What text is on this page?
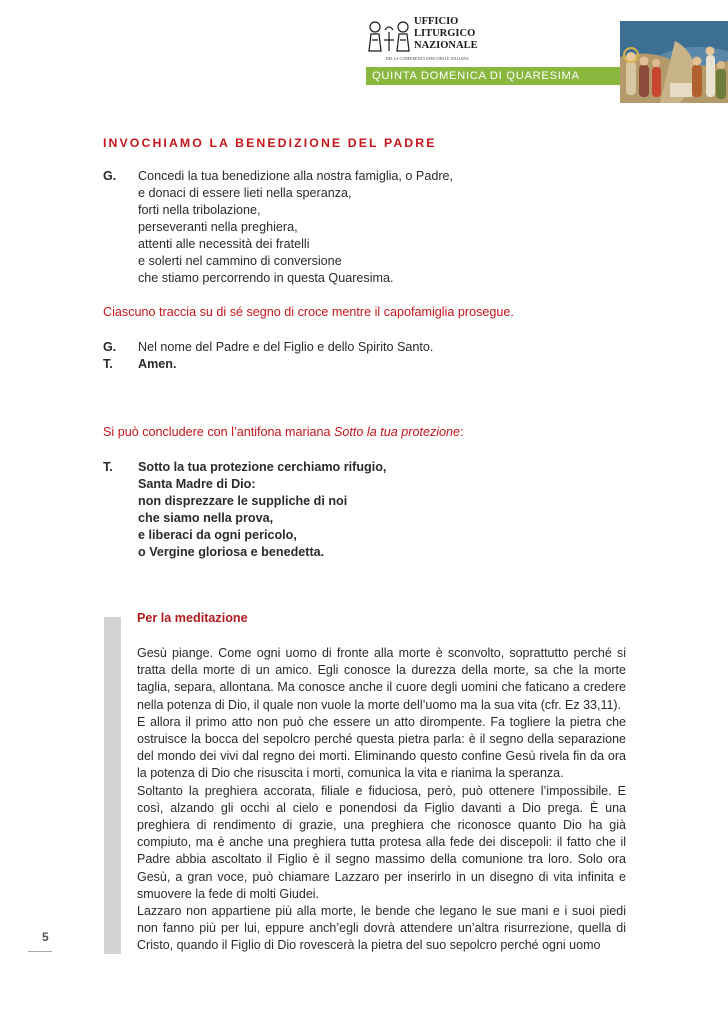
UFFICIO
LITURGICO
NAZIONALE
DELLA CONFERENZA EPISCOPALE ITALIANA
QUINTA DOMENICA DI QUARESIMA
INVOCHIAMO LA BENEDIZIONE DEL PADRE
G. Concedi la tua benedizione alla nostra famiglia, o Padre,
e donaci di essere lieti nella speranza,
forti nella tribolazione,
perseveranti nella preghiera,
attenti alle necessità dei fratelli
e solerti nel cammino di conversione
che stiamo percorrendo in questa Quaresima.
Ciascuno traccia su di sé segno di croce mentre il capofamiglia prosegue.
G. Nel nome del Padre e del Figlio e dello Spirito Santo.
T. Amen.
Si può concludere con l’antifona mariana Sotto la tua protezione:
T. Sotto la tua protezione cerchiamo rifugio,
Santa Madre di Dio:
non disprezzare le suppliche di noi
che siamo nella prova,
e liberaci da ogni pericolo,
o Vergine gloriosa e benedetta.
Per la meditazione

Gesù piange. Come ogni uomo di fronte alla morte è sconvolto, soprattutto perché si tratta della morte di un amico. Egli conosce la durezza della morte, sa che la morte taglia, separa, allontana. Ma conosce anche il cuore degli uomini che faticano a credere nella potenza di Dio, il quale non vuole la morte dell’uomo ma la sua vita (cfr. Ez 33,11).

E allora il primo atto non può che essere un atto dirompente. Fa togliere la pietra che ostruisce la bocca del sepolcro perché questa pietra parla: è il segno della separazione del mondo dei vivi dal regno dei morti. Eliminando questo confine Gesù rivela fin da ora la potenza di Dio che risuscita i morti, comunica la vita e rianima la speranza.

Soltanto la preghiera accorata, filiale e fiduciosa, però, può ottenere l’impossibile. E così, alzando gli occhi al cielo e ponendosi da Figlio davanti a Dio prega. È una preghiera di rendimento di grazie, una preghiera che riconosce quanto Dio ha già compiuto, ma è anche una preghiera tutta protesa alla fede dei discepoli: il fatto che il Padre abbia ascoltato il Figlio è il segno massimo della comunione tra loro. Solo ora Gesù, a gran voce, può chiamare Lazzaro per inserirlo in un disegno di vita infinita e smuovere la fede di molti Giudei.

Lazzaro non appartiene più alla morte, le bende che legano le sue mani e i suoi piedi non fanno più per lui, eppure anch’egli dovrà attendere un’altra risurrezione, quella di Cristo, quando il Figlio di Dio rovescerà la pietra del suo sepolcro perché ogni uomo

5
